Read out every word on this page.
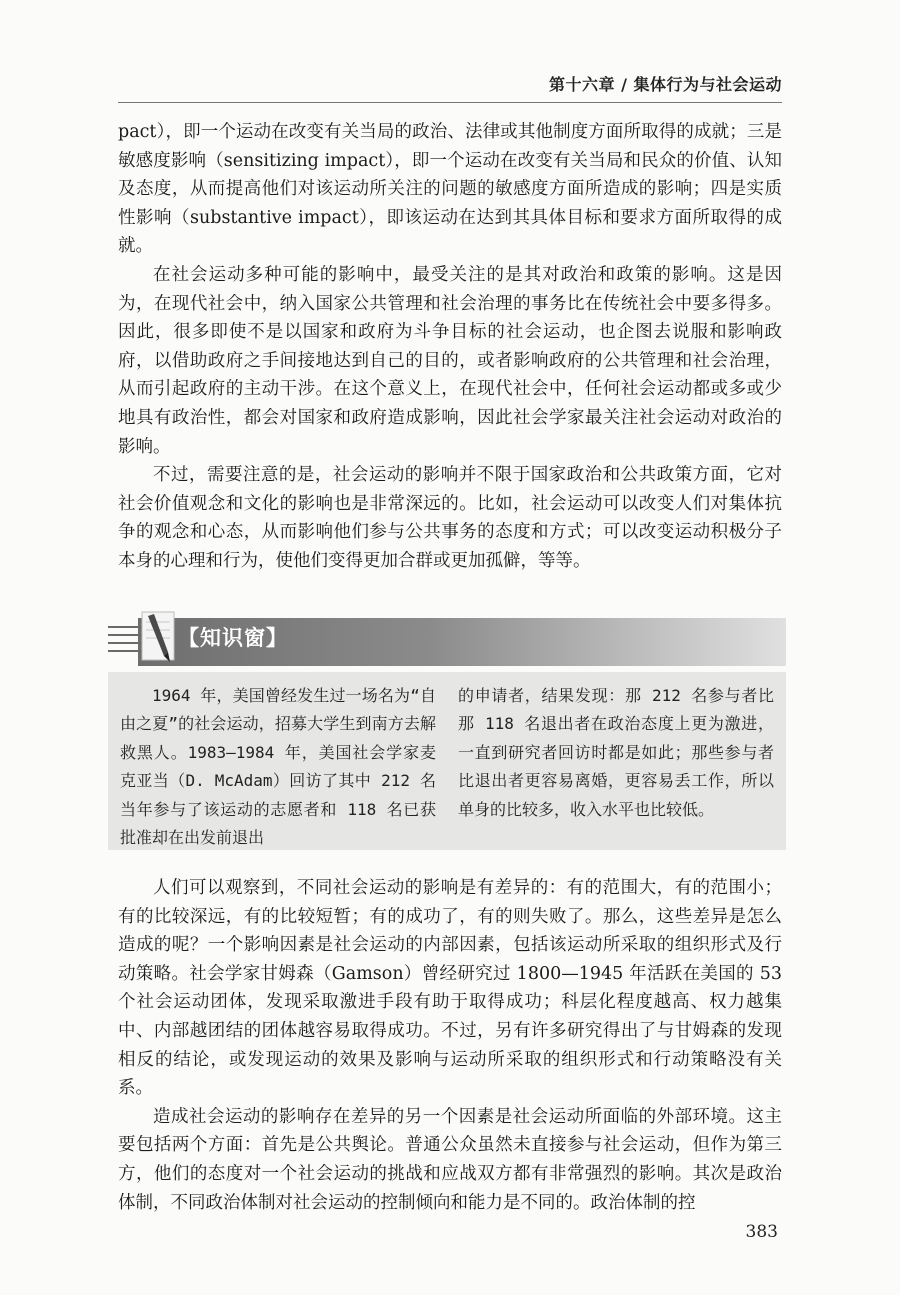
第十六章 / 集体行为与社会运动

pact），即一个运动在改变有关当局的政治、法律或其他制度方面所取得的成就；三是敏感度影响（sensitizing impact），即一个运动在改变有关当局和民众的价值、认知及态度，从而提高他们对该运动所关注的问题的敏感度方面所造成的影响；四是实质性影响（substantive impact），即该运动在达到其具体目标和要求方面所取得的成就。

在社会运动多种可能的影响中，最受关注的是其对政治和政策的影响。这是因为，在现代社会中，纳入国家公共管理和社会治理的事务比在传统社会中要多得多。因此，很多即使不是以国家和政府为斗争目标的社会运动，也企图去说服和影响政府，以借助政府之手间接地达到自己的目的，或者影响政府的公共管理和社会治理，从而引起政府的主动干涉。在这个意义上，在现代社会中，任何社会运动都或多或少地具有政治性，都会对国家和政府造成影响，因此社会学家最关注社会运动对政治的影响。

不过，需要注意的是，社会运动的影响并不限于国家政治和公共政策方面，它对社会价值观念和文化的影响也是非常深远的。比如，社会运动可以改变人们对集体抗争的观念和心态，从而影响他们参与公共事务的态度和方式；可以改变运动积极分子本身的心理和行为，使他们变得更加合群或更加孤僻，等等。

【知识窗】

1964 年，美国曾经发生过一场名为“自由之夏”的社会运动，招募大学生到南方去解救黑人。1983—1984 年，美国社会学家麦克亚当（D. McAdam）回访了其中 212 名当年参与了该运动的志愿者和 118 名已获批准却在出发前退出

的申请者，结果发现：那 212 名参与者比那 118 名退出者在政治态度上更为激进，一直到研究者回访时都是如此；那些参与者比退出者更容易离婚，更容易丢工作，所以单身的比较多，收入水平也比较低。

人们可以观察到，不同社会运动的影响是有差异的：有的范围大，有的范围小；有的比较深远，有的比较短暂；有的成功了，有的则失败了。那么，这些差异是怎么造成的呢？一个影响因素是社会运动的内部因素，包括该运动所采取的组织形式及行动策略。社会学家甘姆森（Gamson）曾经研究过 1800—1945 年活跃在美国的 53 个社会运动团体，发现采取激进手段有助于取得成功；科层化程度越高、权力越集中、内部越团结的团体越容易取得成功。不过，另有许多研究得出了与甘姆森的发现相反的结论，或发现运动的效果及影响与运动所采取的组织形式和行动策略没有关系。

造成社会运动的影响存在差异的另一个因素是社会运动所面临的外部环境。这主要包括两个方面：首先是公共舆论。普通公众虽然未直接参与社会运动，但作为第三方，他们的态度对一个社会运动的挑战和应战双方都有非常强烈的影响。其次是政治体制，不同政治体制对社会运动的控制倾向和能力是不同的。政治体制的控

383
